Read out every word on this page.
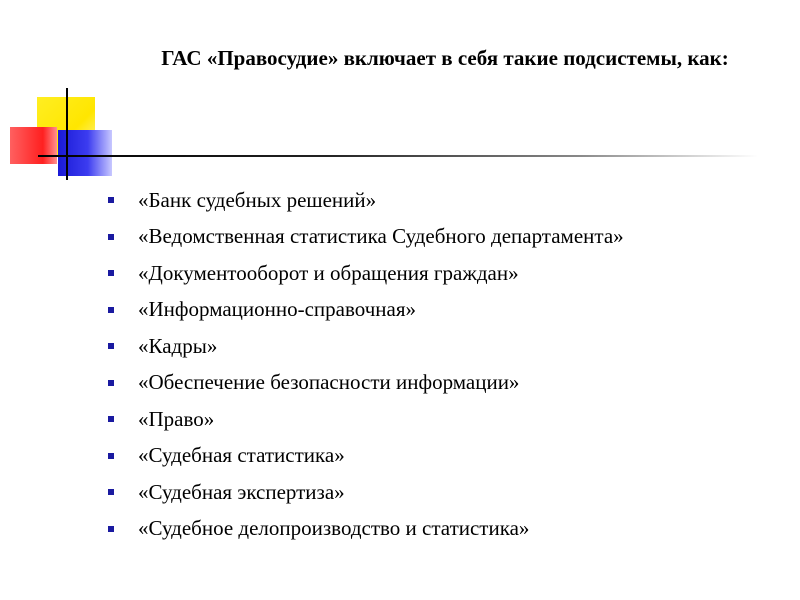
ГАС «Правосудие» включает в себя такие подсистемы, как:
«Банк судебных решений»
«Ведомственная статистика Судебного департамента»
«Документооборот и обращения граждан»
«Информационно-справочная»
«Кадры»
«Обеспечение безопасности информации»
«Право»
«Судебная статистика»
«Судебная экспертиза»
«Судебное делопроизводство и статистика»
